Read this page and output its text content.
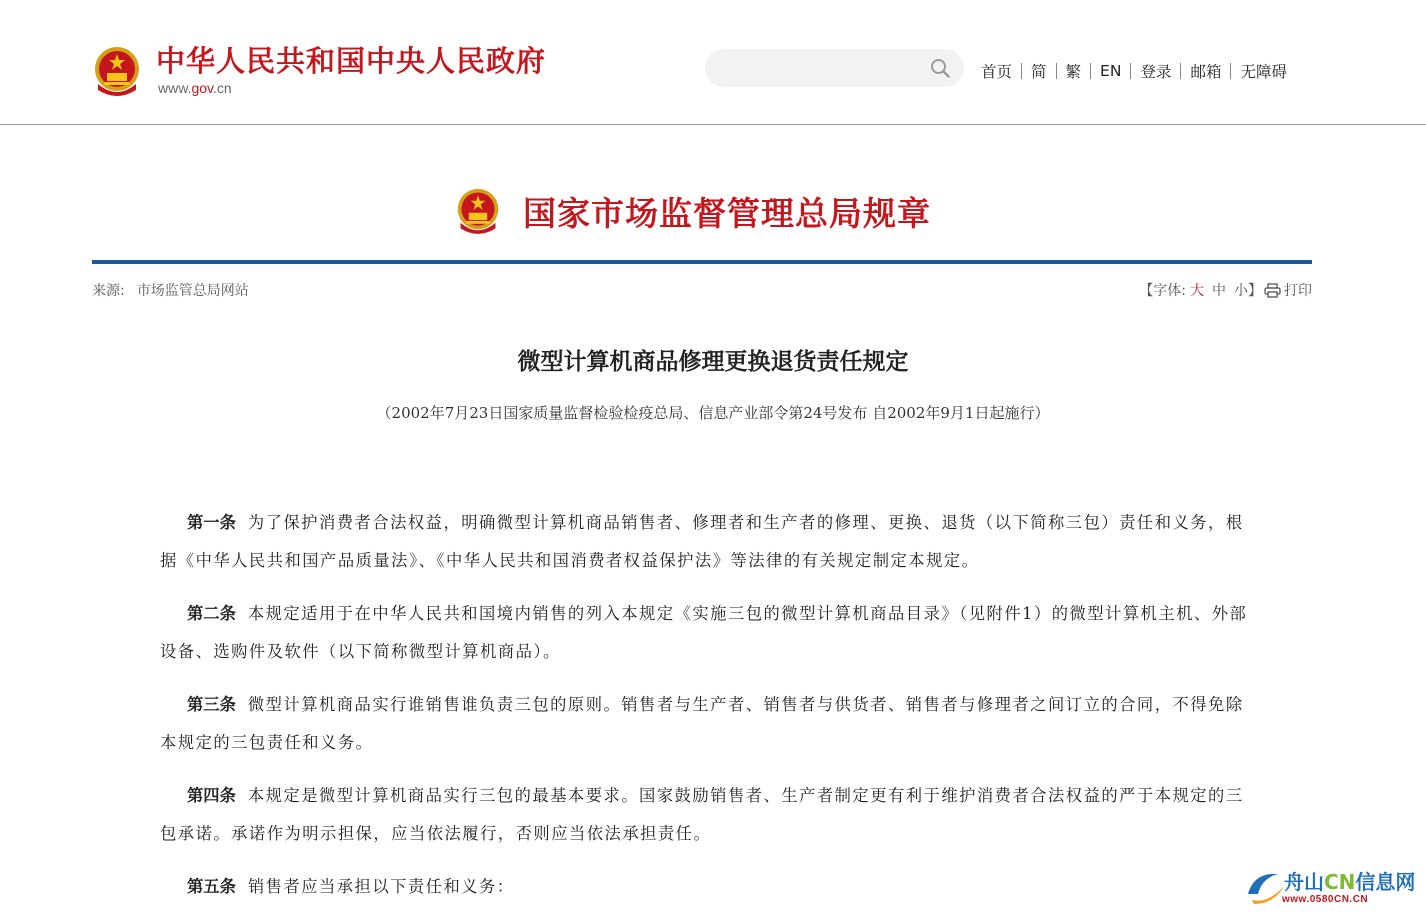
中华人民共和国中央人民政府
www.gov.cn
首页	简	繁	EN	登录	邮箱	无障碍
国家市场监督管理总局规章
来源: 市场监管总局网站	【字体: 大 中 小】 打印
微型计算机商品修理更换退货责任规定
（2002年7月23日国家质量监督检验检疫总局、信息产业部令第24号发布 自2002年9月1日起施行）

第一条 为了保护消费者合法权益，明确微型计算机商品销售者、修理者和生产者的修理、更换、退货（以下简称三包）责任和义务，根据《中华人民共和国产品质量法》、《中华人民共和国消费者权益保护法》等法律的有关规定制定本规定。

第二条 本规定适用于在中华人民共和国境内销售的列入本规定《实施三包的微型计算机商品目录》（见附件1）的微型计算机主机、外部设备、选购件及软件（以下简称微型计算机商品）。

第三条 微型计算机商品实行谁销售谁负责三包的原则。销售者与生产者、销售者与供货者、销售者与修理者之间订立的合同，不得免除本规定的三包责任和义务。

第四条 本规定是微型计算机商品实行三包的最基本要求。国家鼓励销售者、生产者制定更有利于维护消费者合法权益的严于本规定的三包承诺。承诺作为明示担保，应当依法履行，否则应当依法承担责任。

第五条 销售者应当承担以下责任和义务：	舟山CN信息网
www.0580CN.CN
